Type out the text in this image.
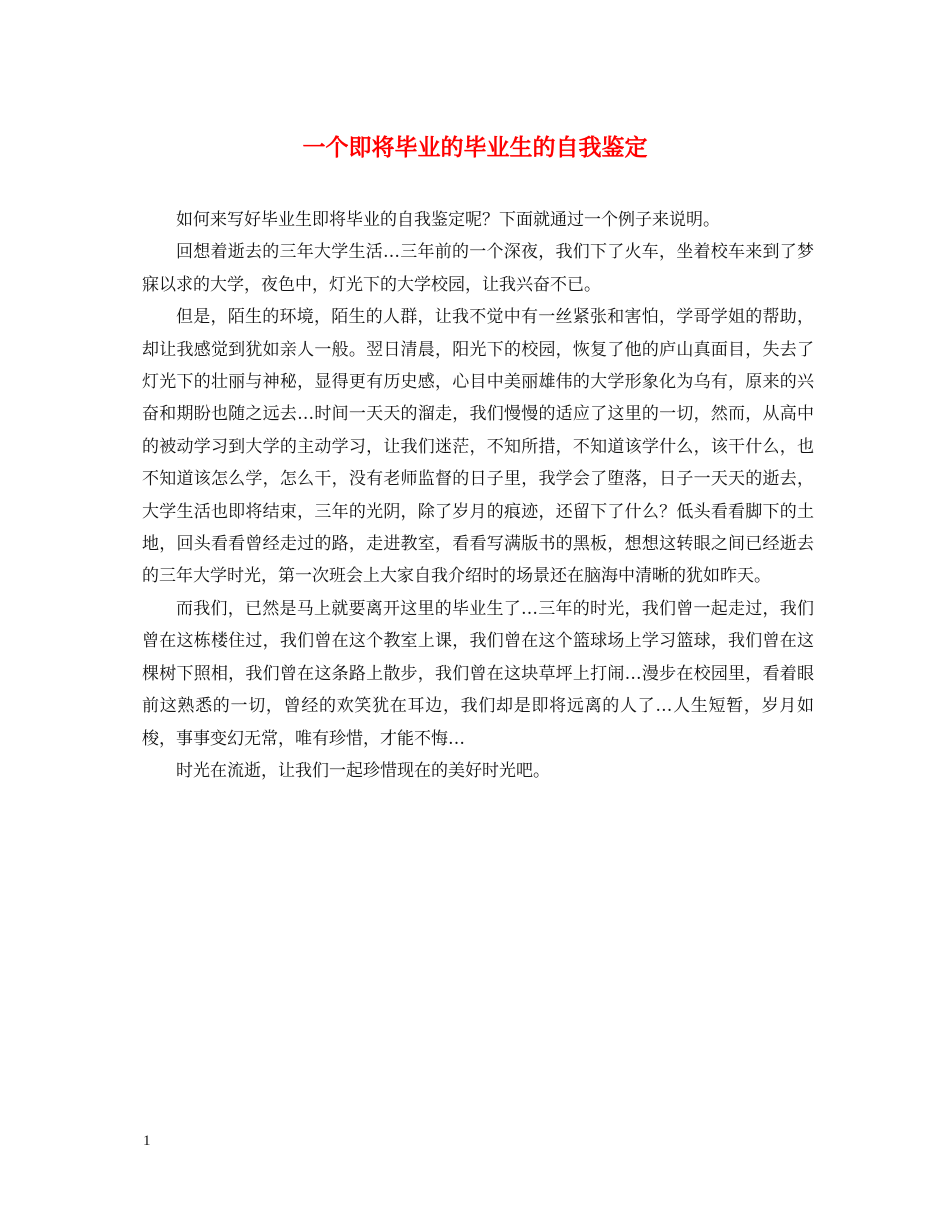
一个即将毕业的毕业生的自我鉴定

如何来写好毕业生即将毕业的自我鉴定呢？下面就通过一个例子来说明。

回想着逝去的三年大学生活…三年前的一个深夜，我们下了火车，坐着校车来到了梦寐以求的大学，夜色中，灯光下的大学校园，让我兴奋不已。

但是，陌生的环境，陌生的人群，让我不觉中有一丝紧张和害怕，学哥学姐的帮助，却让我感觉到犹如亲人一般。翌日清晨，阳光下的校园，恢复了他的庐山真面目，失去了灯光下的壮丽与神秘，显得更有历史感，心目中美丽雄伟的大学形象化为乌有，原来的兴奋和期盼也随之远去…时间一天天的溜走，我们慢慢的适应了这里的一切，然而，从高中的被动学习到大学的主动学习，让我们迷茫，不知所措，不知道该学什么，该干什么，也不知道该怎么学，怎么干，没有老师监督的日子里，我学会了堕落，日子一天天的逝去，大学生活也即将结束，三年的光阴，除了岁月的痕迹，还留下了什么？低头看看脚下的土地，回头看看曾经走过的路，走进教室，看看写满版书的黑板，想想这转眼之间已经逝去的三年大学时光，第一次班会上大家自我介绍时的场景还在脑海中清晰的犹如昨天。

而我们，已然是马上就要离开这里的毕业生了…三年的时光，我们曾一起走过，我们曾在这栋楼住过，我们曾在这个教室上课，我们曾在这个篮球场上学习篮球，我们曾在这棵树下照相，我们曾在这条路上散步，我们曾在这块草坪上打闹…漫步在校园里，看着眼前这熟悉的一切，曾经的欢笑犹在耳边，我们却是即将远离的人了…人生短暂，岁月如梭，事事变幻无常，唯有珍惜，才能不悔…

时光在流逝，让我们一起珍惜现在的美好时光吧。

1
